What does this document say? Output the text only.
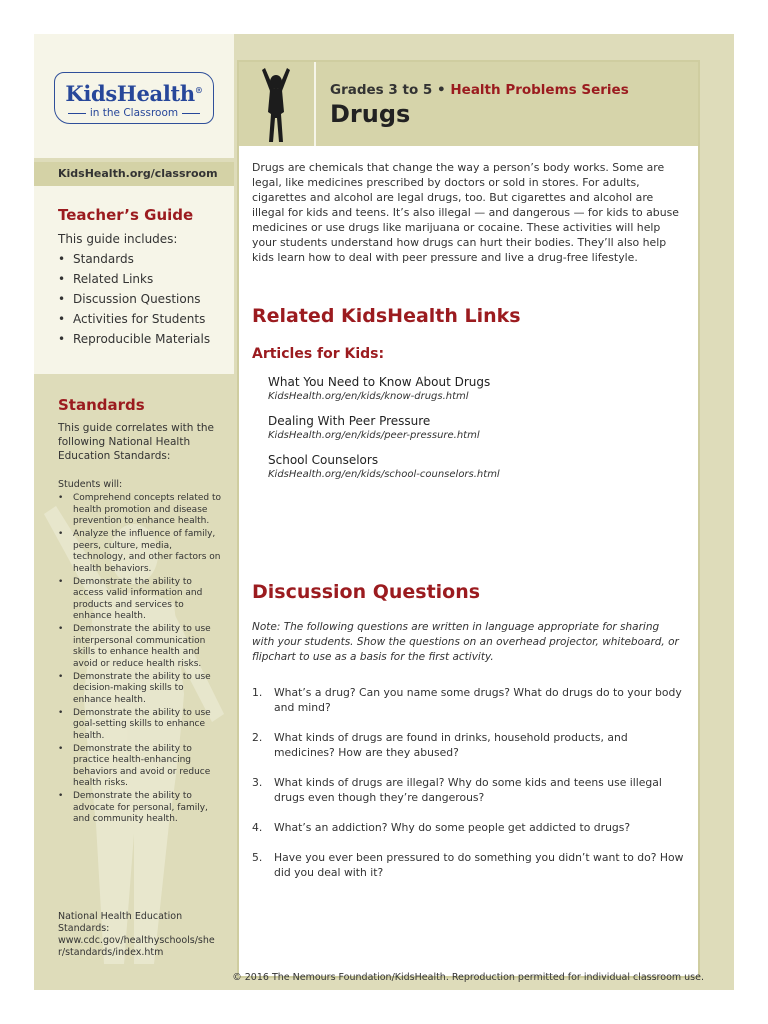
KidsHealth®
in the Classroom
KidsHealth.org/classroom
Teacher’s Guide

This guide includes:

• Standards
• Related Links
• Discussion Questions
• Activities for Students
• Reproducible Materials
Standards
This guide correlates with the following National Health Education Standards:
Students will:
• Comprehend concepts related to health promotion and disease prevention to enhance health.
• Analyze the influence of family, peers, culture, media, technology, and other factors on health behaviors.
• Demonstrate the ability to access valid information and products and services to enhance health.
• Demonstrate the ability to use interpersonal communication skills to enhance health and avoid or reduce health risks.
• Demonstrate the ability to use decision-making skills to enhance health.
• Demonstrate the ability to use goal-setting skills to enhance health.
• Demonstrate the ability to practice health-enhancing behaviors and avoid or reduce health risks.
• Demonstrate the ability to advocate for personal, family, and community health.
National Health Education Standards: www.cdc.gov/healthyschools/sher/standards/index.htm
Grades 3 to 5 • Health Problems Series
Drugs

Drugs are chemicals that change the way a person’s body works. Some are legal, like medicines prescribed by doctors or sold in stores. For adults, cigarettes and alcohol are legal drugs, too. But cigarettes and alcohol are illegal for kids and teens. It’s also illegal — and dangerous — for kids to abuse medicines or use drugs like marijuana or cocaine. These activities will help your students understand how drugs can hurt their bodies. They’ll also help kids learn how to deal with peer pressure and live a drug-free lifestyle.

Related KidsHealth Links
Articles for Kids:
What You Need to Know About Drugs
KidsHealth.org/en/kids/know-drugs.html
Dealing With Peer Pressure
KidsHealth.org/en/kids/peer-pressure.html
School Counselors
KidsHealth.org/en/kids/school-counselors.html
Discussion Questions

Note: The following questions are written in language appropriate for sharing with your students. Show the questions on an overhead projector, whiteboard, or flipchart to use as a basis for the first activity.

1. What’s a drug? Can you name some drugs? What do drugs do to your body and mind?
2. What kinds of drugs are found in drinks, household products, and medicines? How are they abused?
3. What kinds of drugs are illegal? Why do some kids and teens use illegal drugs even though they’re dangerous?
4. What’s an addiction? Why do some people get addicted to drugs?
5. Have you ever been pressured to do something you didn’t want to do? How did you deal with it?
© 2016 The Nemours Foundation/KidsHealth. Reproduction permitted for individual classroom use.
